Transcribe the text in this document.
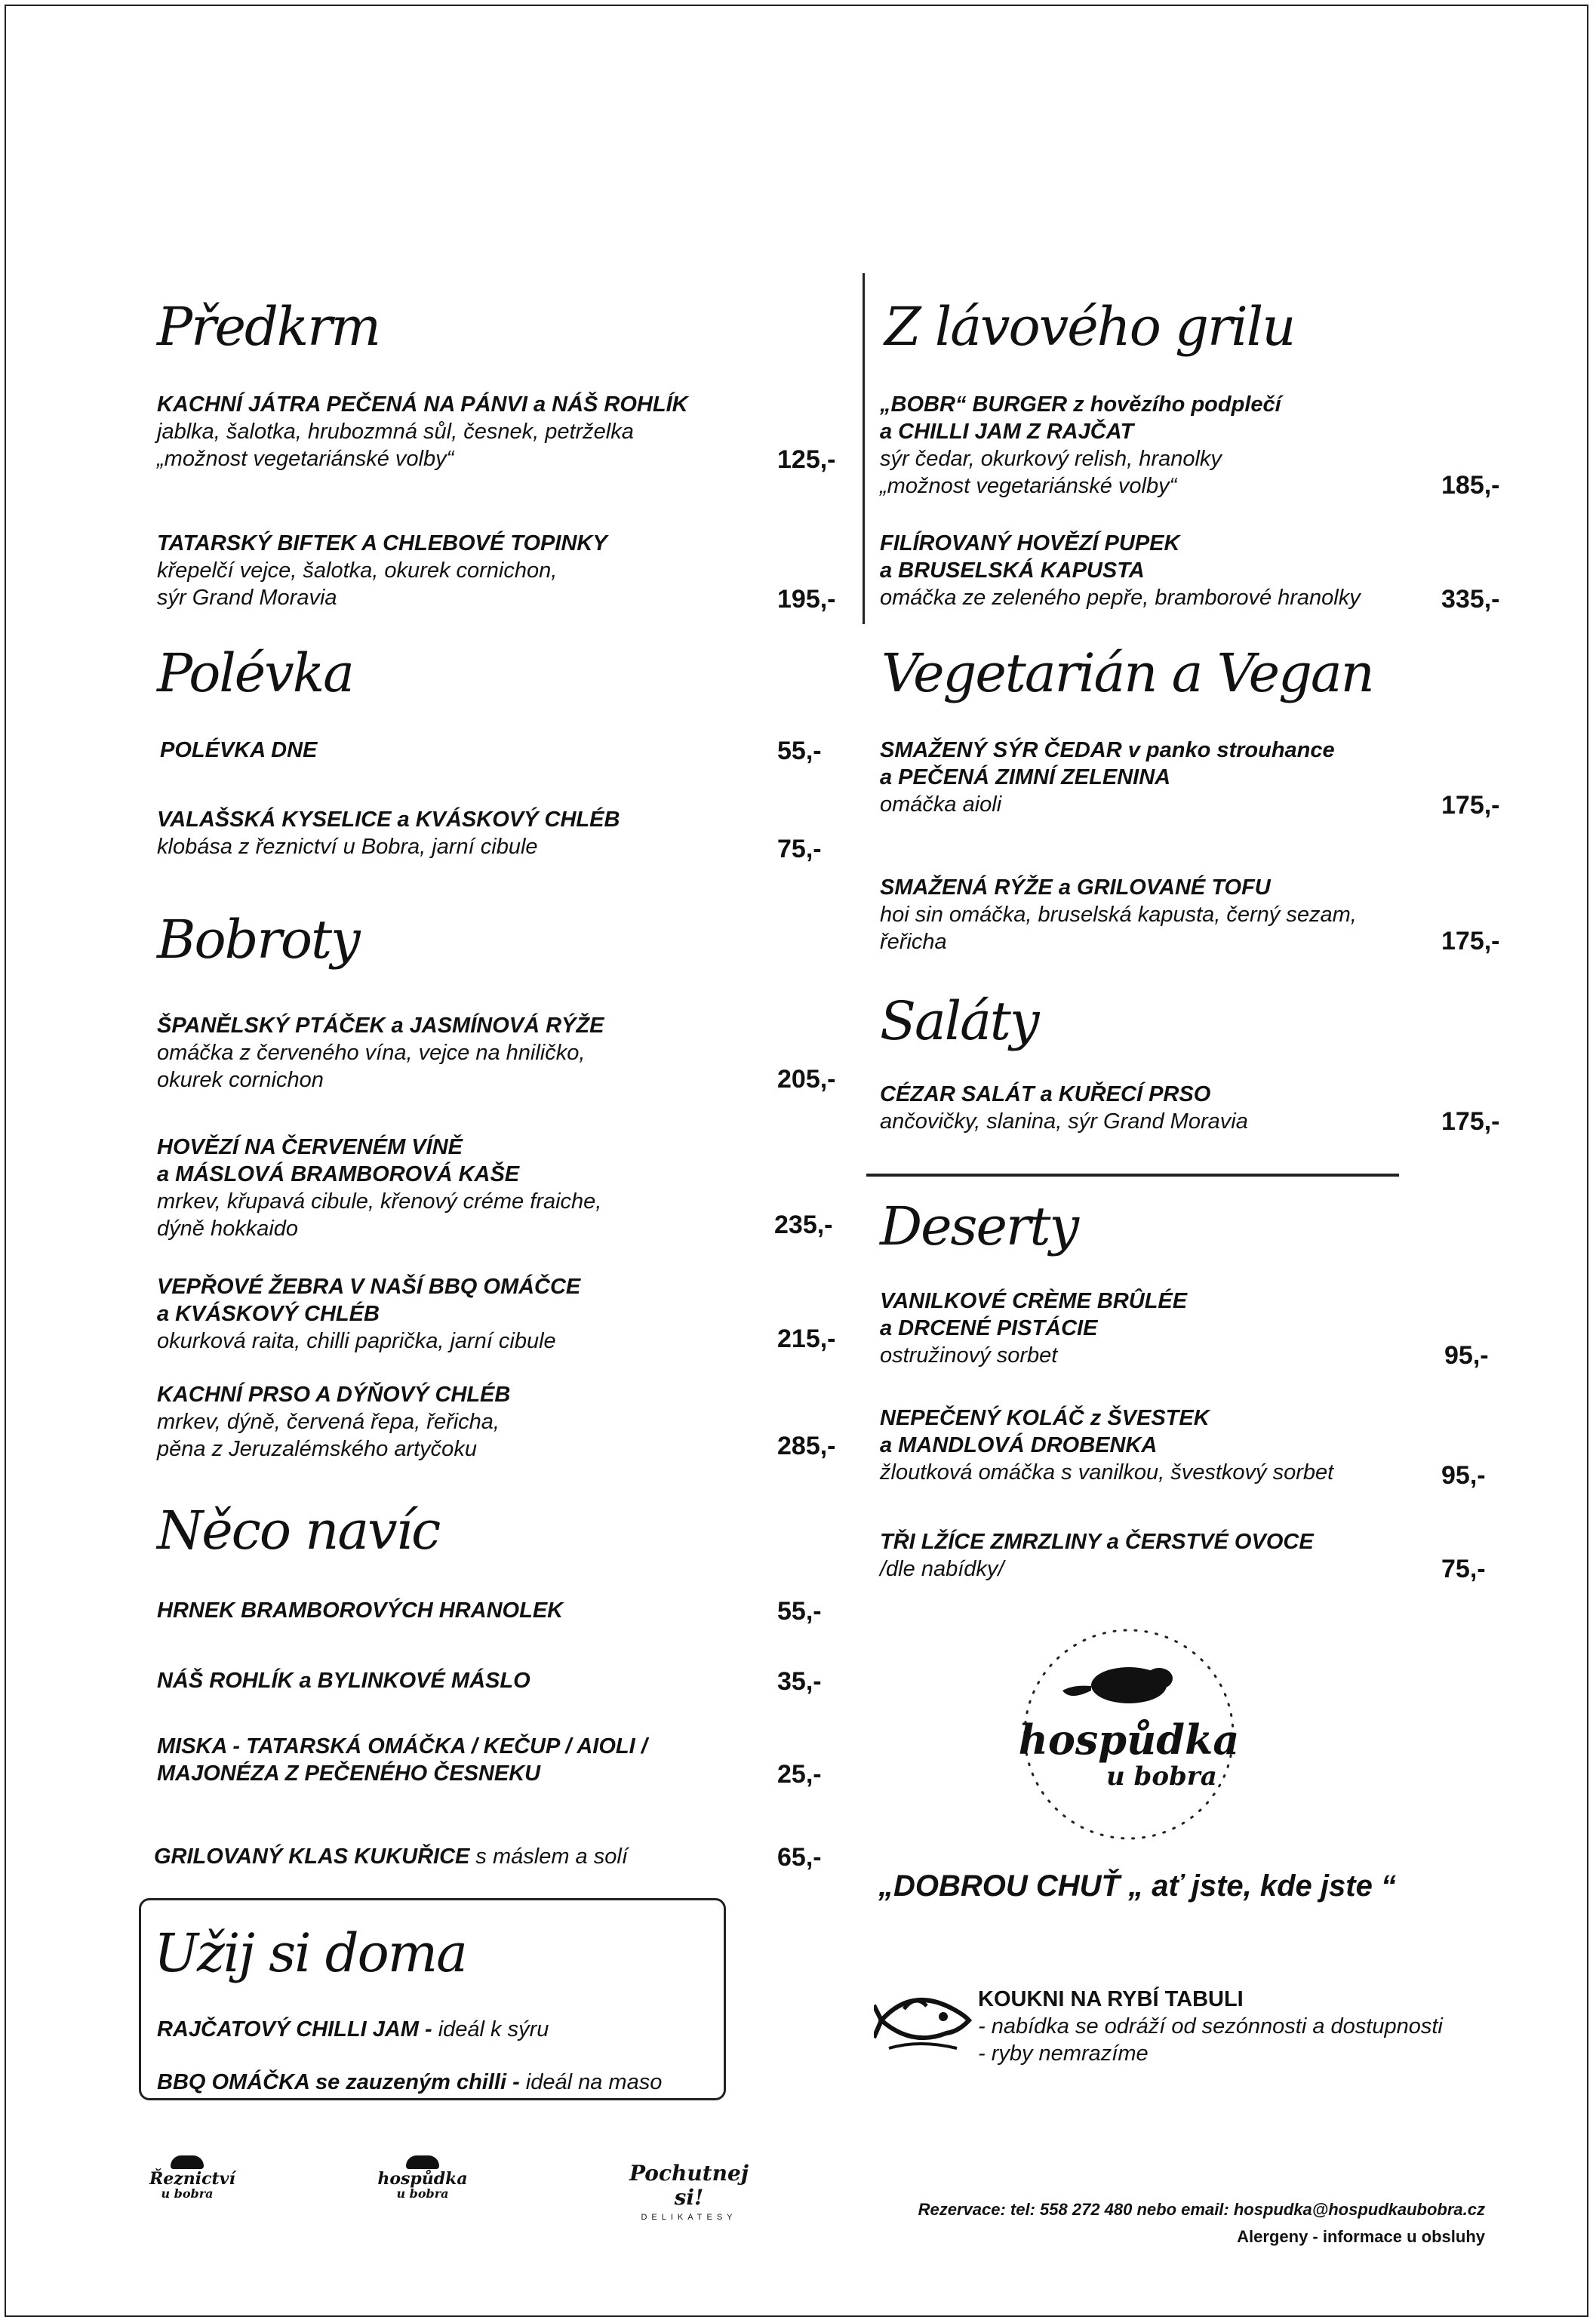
Předkrm
KACHNÍ JÁTRA PEČENÁ NA PÁNVI a NÁŠ ROHLÍK
jablka, šalotka, hrubozmná sůl, česnek, petrželka
„možnost vegetariánské volby“	125,-
TATARSKÝ BIFTEK A CHLEBOVÉ TOPINKY
křepelčí vejce, šalotka, okurek cornichon,
sýr Grand Moravia	195,-
Polévka
POLÉVKA DNE	55,-
VALAŠSKÁ KYSELICE a KVÁSKOVÝ CHLÉB
klobása z řeznictví u Bobra, jarní cibule	75,-
Bobroty
ŠPANĚLSKÝ PTÁČEK a JASMÍNOVÁ RÝŽE
omáčka z červeného vína, vejce na hniličko,
okurek cornichon	205,-
HOVĚZÍ NA ČERVENÉM VÍNĚ
a MÁSLOVÁ BRAMBOROVÁ KAŠE
mrkev, křupavá cibule, křenový créme fraiche,
dýně hokkaido	235,-
VEPŘOVÉ ŽEBRA V NAŠÍ BBQ OMÁČCE
a KVÁSKOVÝ CHLÉB
okurková raita, chilli paprička, jarní cibule	215,-
KACHNÍ PRSO A DÝŇOVÝ CHLÉB
mrkev, dýně, červená řepa, řeřicha,
pěna z Jeruzalémského artyčoku	285,-
Něco navíc
HRNEK BRAMBOROVÝCH HRANOLEK	55,-
NÁŠ ROHLÍK a BYLINKOVÉ MÁSLO	35,-
MISKA - TATARSKÁ OMÁČKA / KEČUP / AIOLI /
MAJONÉZA Z PEČENÉHO ČESNEKU	25,-
GRILOVANÝ KLAS KUKUŘICE s máslem a solí	65,-
Užij si doma
RAJČATOVÝ CHILLI JAM - ideál k sýru
BBQ OMÁČKA se zauzeným chilli - ideál na maso
Z lávového grilu
„BOBR“ BURGER z hovězího podplečí
a CHILLI JAM Z RAJČAT
sýr čedar, okurkový relish, hranolky
„možnost vegetariánské volby“	185,-
FILÍROVANÝ HOVĚZÍ PUPEK
a BRUSELSKÁ KAPUSTA
omáčka ze zeleného pepře, bramborové hranolky	335,-
Vegetarián a Vegan
SMAŽENÝ SÝR ČEDAR v panko strouhance
a PEČENÁ ZIMNÍ ZELENINA
omáčka aioli	175,-
SMAŽENÁ RÝŽE a GRILOVANÉ TOFU
hoi sin omáčka, bruselská kapusta, černý sezam,
řeřicha	175,-
Saláty
CÉZAR SALÁT a KUŘECÍ PRSO
ančovičky, slanina, sýr Grand Moravia	175,-
Deserty
VANILKOVÉ CRÈME BRÛLÉE
a DRCENÉ PISTÁCIE
ostružinový sorbet	95,-
NEPEČENÝ KOLÁČ z ŠVESTEK
a MANDLOVÁ DROBENKA
žloutková omáčka s vanilkou, švestkový sorbet	95,-
TŘI LŽÍCE ZMRZLINY a ČERSTVÉ OVOCE
/dle nabídky/	75,-
hospůdka
u bobra
„DOBROU CHUŤ „ ať jste, kde jste “
KOUKNI NA RYBÍ TABULI
- nabídka se odráží od sezónnosti a dostupnosti
- ryby nemrazíme
Řeznictví
u bobra
hospůdka
u bobra
Pochutnej si!
DELIKATESY	Rezervace: tel: 558 272 480 nebo email: hospudka@hospudkaubobra.cz
Alergeny - informace u obsluhy
